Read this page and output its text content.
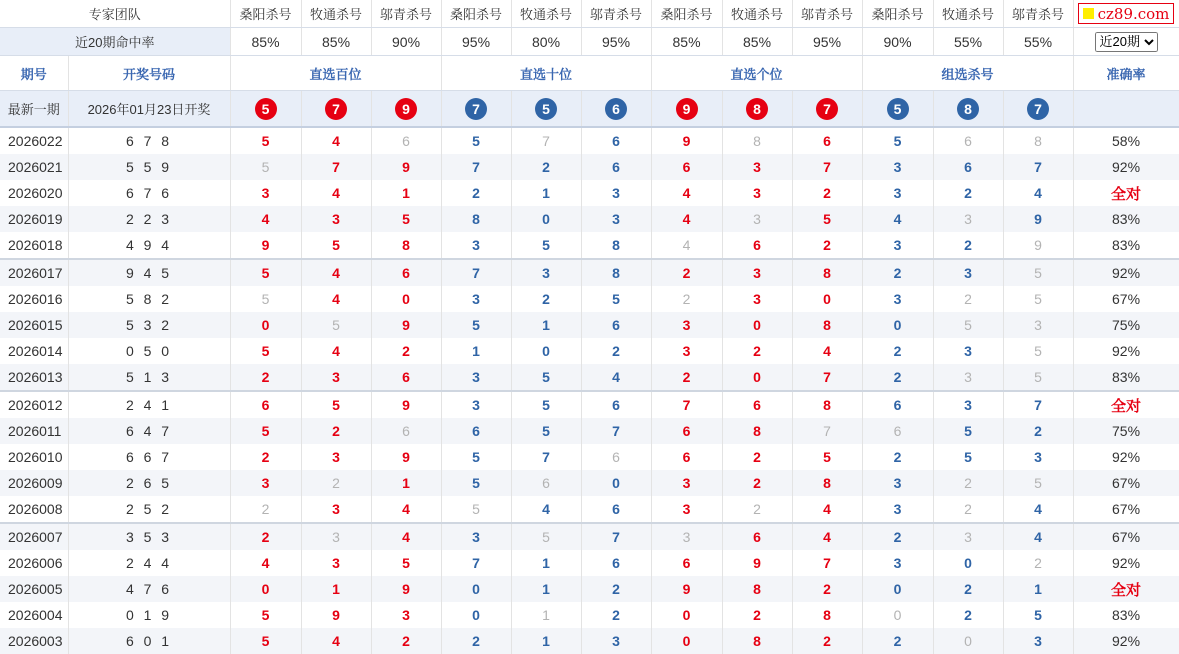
专家团队		桑阳杀号	牧通杀号	邬青杀号	桑阳杀号	牧通杀号	邬青杀号	桑阳杀号	牧通杀号	邬青杀号	桑阳杀号	牧通杀号	邬青杀号	cz89.com

近20期命中率		85%	85%	90%	95%	80%	95%	85%	85%	95%	90%	55%	55%	
近20期
期号	开奖号码	直选百位			直选十位			直选个位			组选杀号			准确率
最新一期	2026年01月23日开奖	5	7	9	7	5	6	9	8	7	5	8	7	
2026022	6 7 8	5	4	6	5	7	6	9	8	6	5	6	8	58%
2026021	5 5 9	5	7	9	7	2	6	6	3	7	3	6	7	92%
2026020	6 7 6	3	4	1	2	1	3	4	3	2	3	2	4	全对
2026019	2 2 3	4	3	5	8	0	3	4	3	5	4	3	9	83%
2026018	4 9 4	9	5	8	3	5	8	4	6	2	3	2	9	83%
2026017	9 4 5	5	4	6	7	3	8	2	3	8	2	3	5	92%
2026016	5 8 2	5	4	0	3	2	5	2	3	0	3	2	5	67%
2026015	5 3 2	0	5	9	5	1	6	3	0	8	0	5	3	75%
2026014	0 5 0	5	4	2	1	0	2	3	2	4	2	3	5	92%
2026013	5 1 3	2	3	6	3	5	4	2	0	7	2	3	5	83%
2026012	2 4 1	6	5	9	3	5	6	7	6	8	6	3	7	全对
2026011	6 4 7	5	2	6	6	5	7	6	8	7	6	5	2	75%
2026010	6 6 7	2	3	9	5	7	6	6	2	5	2	5	3	92%
2026009	2 6 5	3	2	1	5	6	0	3	2	8	3	2	5	67%
2026008	2 5 2	2	3	4	5	4	6	3	2	4	3	2	4	67%
2026007	3 5 3	2	3	4	3	5	7	3	6	4	2	3	4	67%
2026006	2 4 4	4	3	5	7	1	6	6	9	7	3	0	2	92%
2026005	4 7 6	0	1	9	0	1	2	9	8	2	0	2	1	全对
2026004	0 1 9	5	9	3	0	1	2	0	2	8	0	2	5	83%
2026003	6 0 1	5	4	2	2	1	3	0	8	2	2	0	3	92%
